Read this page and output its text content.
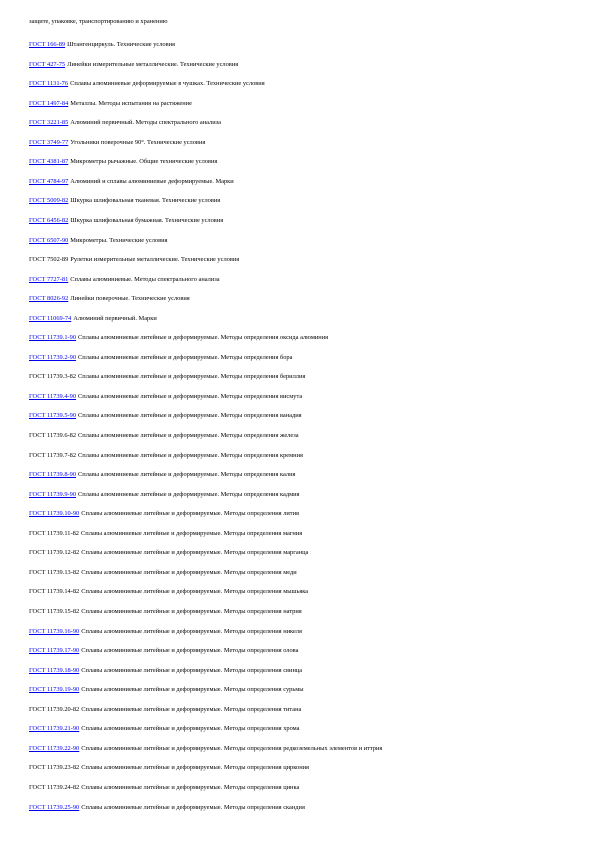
защите, упаковке, транспортированию и хранению
ГОСТ 166-89 Штангенциркуль. Технические условия
ГОСТ 427-75 Линейки измерительные металлические. Технические условия
ГОСТ 1131-76 Сплавы алюминиевые деформируемые в чушках. Технические условия
ГОСТ 1497-84 Металлы. Методы испытания на растяжение
ГОСТ 3221-85 Алюминий первичный. Методы спектрального анализа
ГОСТ 3749-77 Угольники поверочные 90°. Технические условия
ГОСТ 4381-87 Микрометры рычажные. Общие технические условия
ГОСТ 4784-97 Алюминий и сплавы алюминиевые деформируемые. Марки
ГОСТ 5009-82 Шкурка шлифовальная тканевая. Технические условия
ГОСТ 6456-82 Шкурка шлифовальная бумажная. Технические условия
ГОСТ 6507-90 Микрометры. Технические условия
ГОСТ 7502-89 Рулетки измерительные металлические. Технические условия
ГОСТ 7727-81 Сплавы алюминиевые. Методы спектрального анализа
ГОСТ 8026-92 Линейки поверочные. Технические условия
ГОСТ 11069-74 Алюминий первичный. Марки
ГОСТ 11739.1-90 Сплавы алюминиевые литейные и деформируемые. Методы определения оксида алюминия
ГОСТ 11739.2-90 Сплавы алюминиевые литейные и деформируемые. Методы определения бора
ГОСТ 11739.3-82 Сплавы алюминиевые литейные и деформируемые. Методы определения бериллия
ГОСТ 11739.4-90 Сплавы алюминиевые литейные и деформируемые. Методы определения висмута
ГОСТ 11739.5-90 Сплавы алюминиевые литейные и деформируемые. Методы определения ванадия
ГОСТ 11739.6-82 Сплавы алюминиевые литейные и деформируемые. Методы определения железа
ГОСТ 11739.7-82 Сплавы алюминиевые литейные и деформируемые. Методы определения кремния
ГОСТ 11739.8-90 Сплавы алюминиевые литейные и деформируемые. Методы определения калия
ГОСТ 11739.9-90 Сплавы алюминиевые литейные и деформируемые. Методы определения кадмия
ГОСТ 11739.10-90 Сплавы алюминиевые литейные и деформируемые. Методы определения лития
ГОСТ 11739.11-82 Сплавы алюминиевые литейные и деформируемые. Методы определения магния
ГОСТ 11739.12-82 Сплавы алюминиевые литейные и деформируемые. Методы определения марганца
ГОСТ 11739.13-82 Сплавы алюминиевые литейные и деформируемые. Методы определения меди
ГОСТ 11739.14-82 Сплавы алюминиевые литейные и деформируемые. Методы определения мышьяка
ГОСТ 11739.15-82 Сплавы алюминиевые литейные и деформируемые. Методы определения натрия
ГОСТ 11739.16-90 Сплавы алюминиевые литейные и деформируемые. Методы определения никеля
ГОСТ 11739.17-90 Сплавы алюминиевые литейные и деформируемые. Методы определения олова
ГОСТ 11739.18-90 Сплавы алюминиевые литейные и деформируемые. Методы определения свинца
ГОСТ 11739.19-90 Сплавы алюминиевые литейные и деформируемые. Методы определения сурьмы
ГОСТ 11739.20-82 Сплавы алюминиевые литейные и деформируемые. Методы определения титана
ГОСТ 11739.21-90 Сплавы алюминиевые литейные и деформируемые. Методы определения хрома
ГОСТ 11739.22-90 Сплавы алюминиевые литейные и деформируемые. Методы определения редкоземельных элементов и иттрия
ГОСТ 11739.23-82 Сплавы алюминиевые литейные и деформируемые. Методы определения циркония
ГОСТ 11739.24-82 Сплавы алюминиевые литейные и деформируемые. Методы определения цинка
ГОСТ 11739.25-90 Сплавы алюминиевые литейные и деформируемые. Методы определения скандия
